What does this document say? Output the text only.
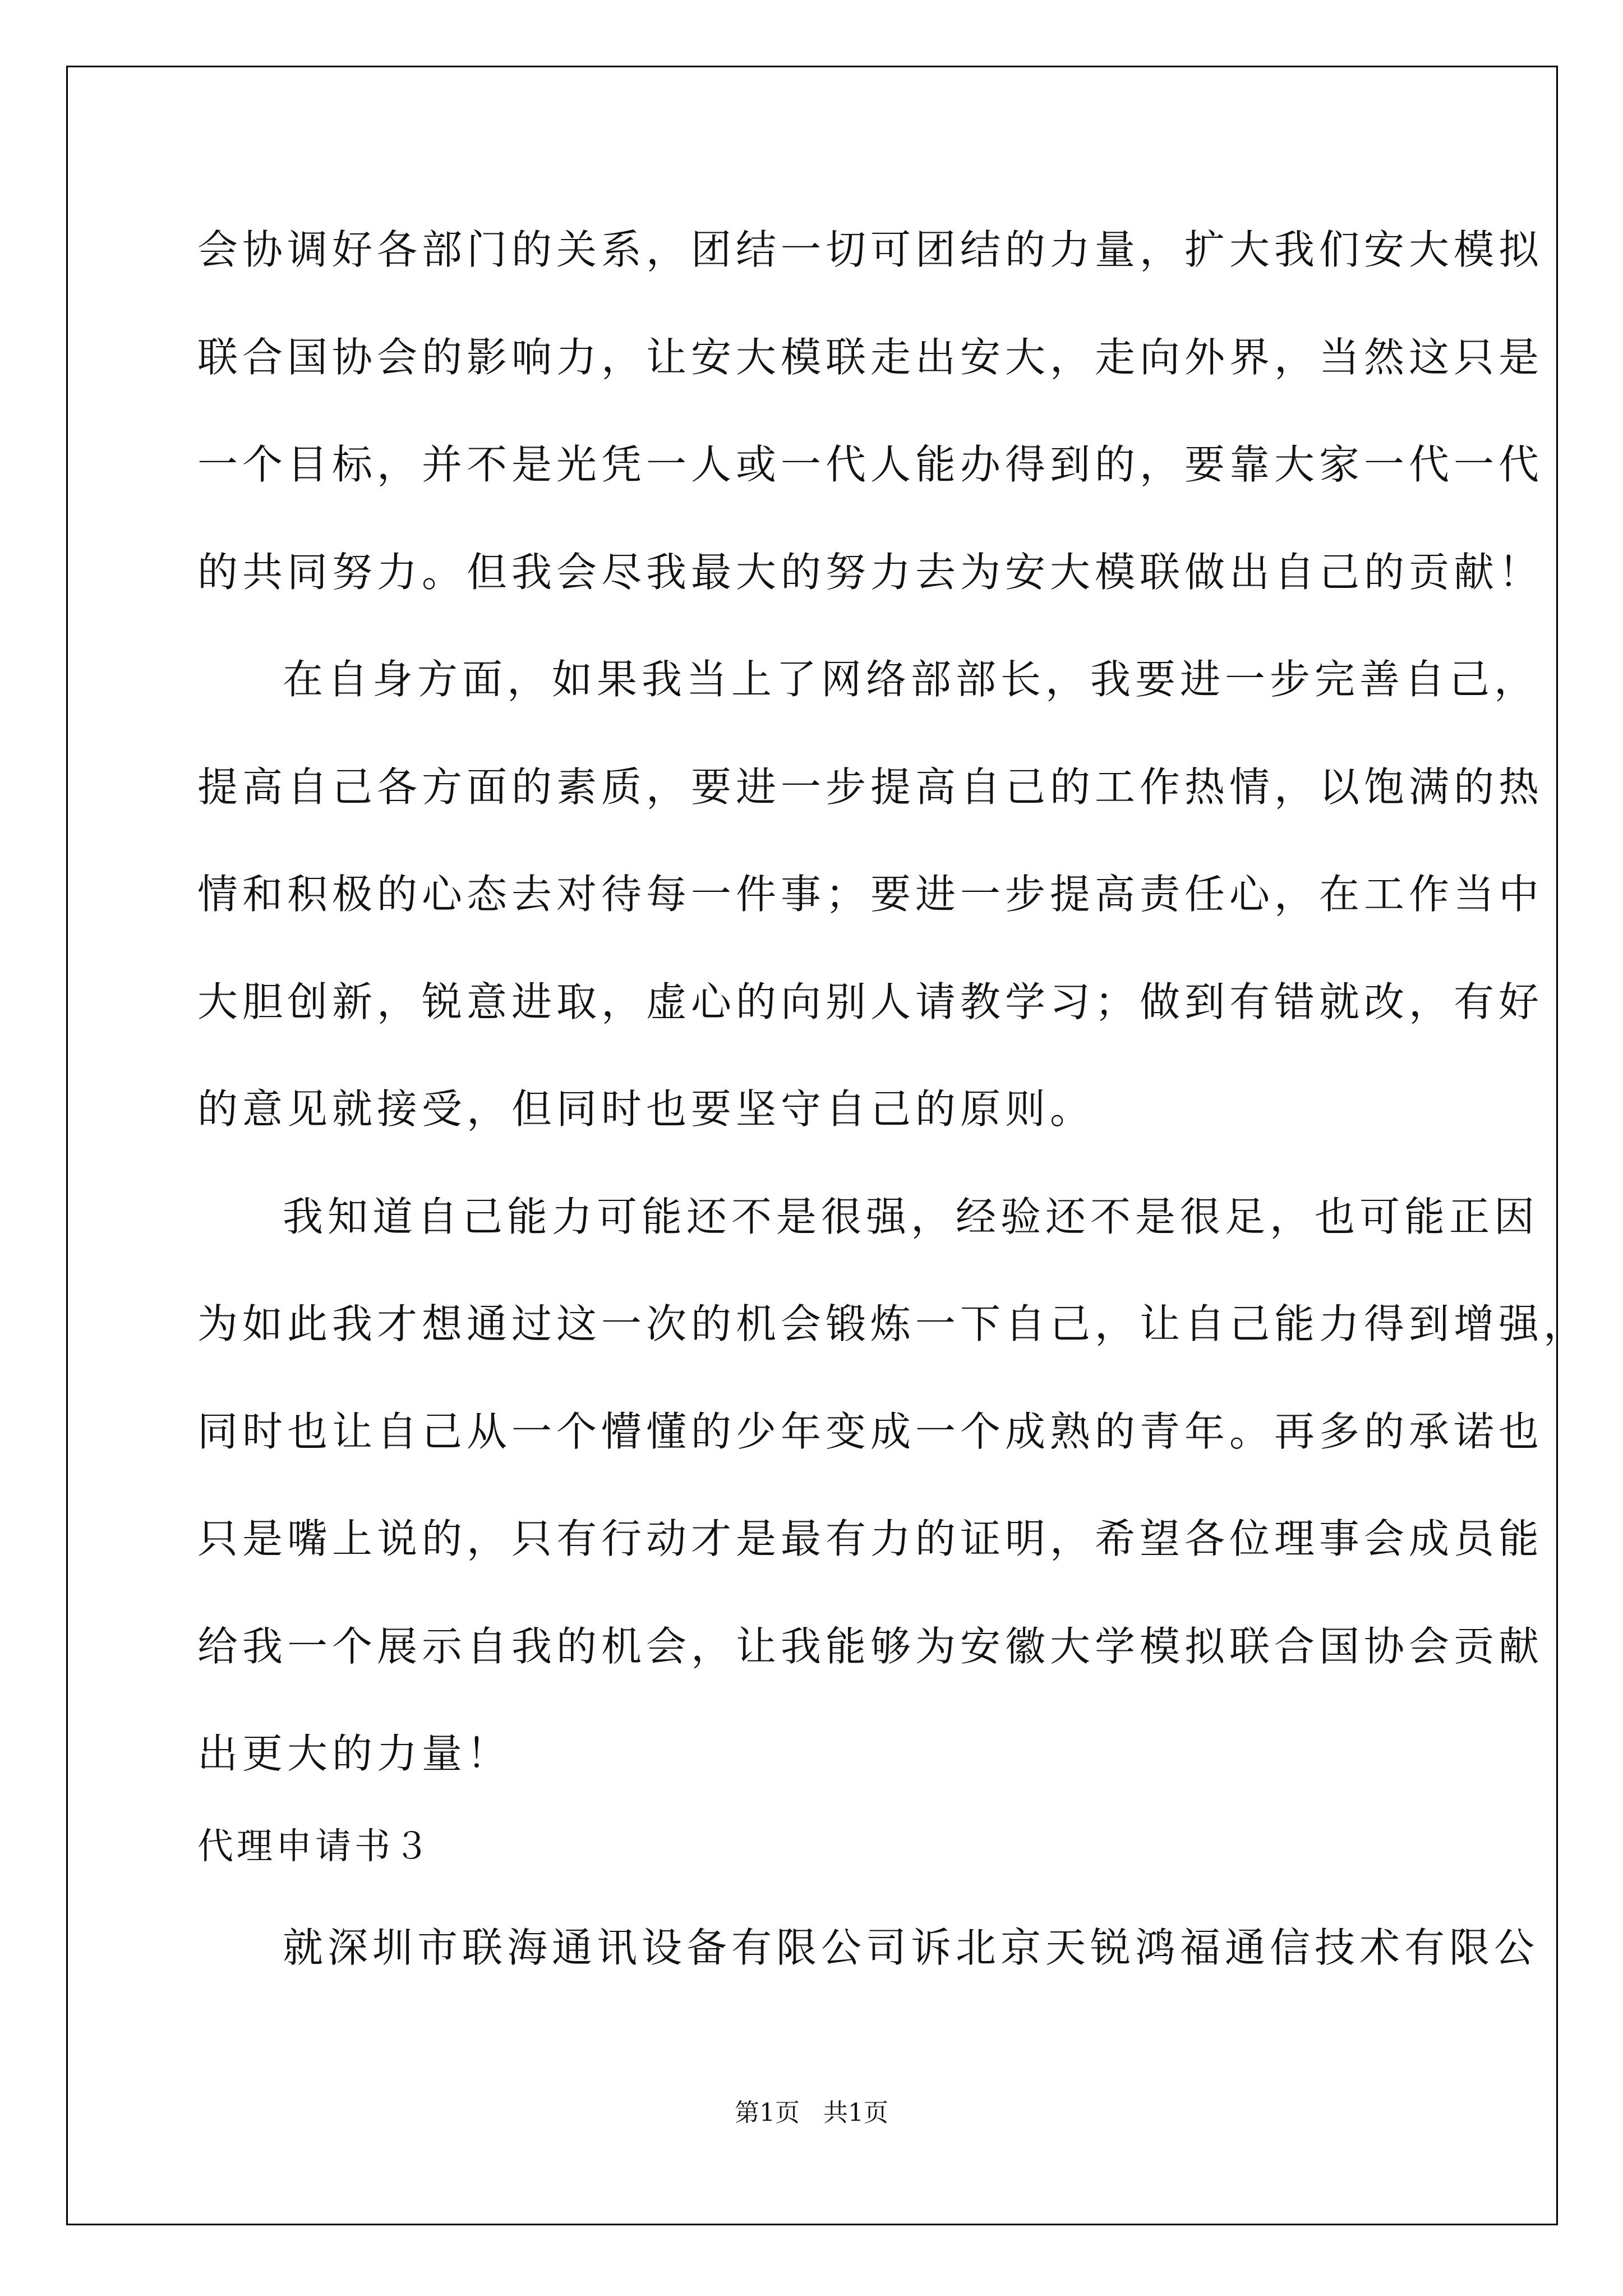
会协调好各部门的关系，团结一切可团结的力量，扩大我们安大模拟

联合国协会的影响力，让安大模联走出安大，走向外界，当然这只是

一个目标，并不是光凭一人或一代人能办得到的，要靠大家一代一代

的共同努力。但我会尽我最大的努力去为安大模联做出自己的贡献！

在自身方面，如果我当上了网络部部长，我要进一步完善自己，

提高自己各方面的素质，要进一步提高自己的工作热情，以饱满的热

情和积极的心态去对待每一件事；要进一步提高责任心，在工作当中

大胆创新，锐意进取，虚心的向别人请教学习；做到有错就改，有好

的意见就接受，但同时也要坚守自己的原则。

我知道自己能力可能还不是很强，经验还不是很足，也可能正因

为如此我才想通过这一次的机会锻炼一下自己，让自己能力得到增强，

同时也让自己从一个懵懂的少年变成一个成熟的青年。再多的承诺也

只是嘴上说的，只有行动才是最有力的证明，希望各位理事会成员能

给我一个展示自我的机会，让我能够为安徽大学模拟联合国协会贡献

出更大的力量！

代理申请书３

就深圳市联海通讯设备有限公司诉北京天锐鸿福通信技术有限公

第1页 共1页
